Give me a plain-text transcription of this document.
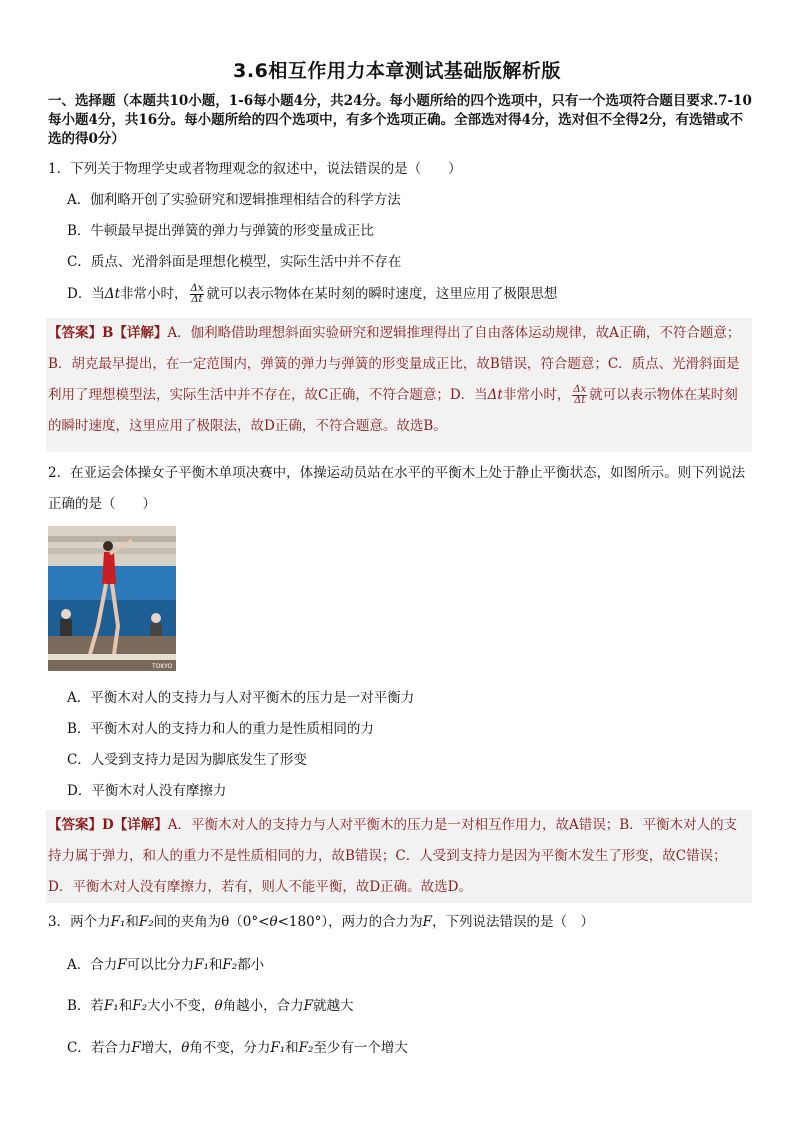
3.6相互作用力本章测试基础版解析版
一、选择题（本题共10小题，1-6每小题4分，共24分。每小题所给的四个选项中，只有一个选项符合题目要求.7-10每小题4分，共16分。每小题所给的四个选项中，有多个选项正确。全部选对得4分，选对但不全得2分，有选错或不选的得0分）
1．下列关于物理学史或者物理观念的叙述中，说法错误的是（　　）
A．伽利略开创了实验研究和逻辑推理相结合的科学方法
B．牛顿最早提出弹簧的弹力与弹簧的形变量成正比
C．质点、光滑斜面是理想化模型，实际生活中并不存在
D．当Δt非常小时， $\frac{\Delta x}{\Delta t}$ 就可以表示物体在某时刻的瞬时速度，这里应用了极限思想
【答案】B【详解】A．伽利略借助理想斜面实验研究和逻辑推理得出了自由落体运动规律，故A正确，不符合题意；B．胡克最早提出，在一定范围内，弹簧的弹力与弹簧的形变量成正比，故B错误，符合题意；C．质点、光滑斜面是利用了理想模型法，实际生活中并不存在，故C正确，不符合题意；D．当Δt非常小时， $\frac{\Delta x}{\Delta t}$ 就可以表示物体在某时刻的瞬时速度，这里应用了极限法，故D正确，不符合题意。故选B。
2．在亚运会体操女子平衡木单项决赛中，体操运动员站在水平的平衡木上处于静止平衡状态，如图所示。则下列说法正确的是（　　）
TOKYO
A．平衡木对人的支持力与人对平衡木的压力是一对平衡力
B．平衡木对人的支持力和人的重力是性质相同的力
C．人受到支持力是因为脚底发生了形变
D．平衡木对人没有摩擦力
【答案】D【详解】A．平衡木对人的支持力与人对平衡木的压力是一对相互作用力，故A错误；B．平衡木对人的支持力属于弹力，和人的重力不是性质相同的力，故B错误；C．人受到支持力是因为平衡木发生了形变，故C错误；D．平衡木对人没有摩擦力，若有，则人不能平衡，故D正确。故选D。
3．两个力F₁和F₂间的夹角为θ（0°<θ<180°），两力的合力为F，下列说法错误的是（　）
A．合力F可以比分力F₁和F₂都小
B．若F₁和F₂大小不变，θ角越小，合力F就越大
C．若合力F增大，θ角不变，分力F₁和F₂至少有一个增大
